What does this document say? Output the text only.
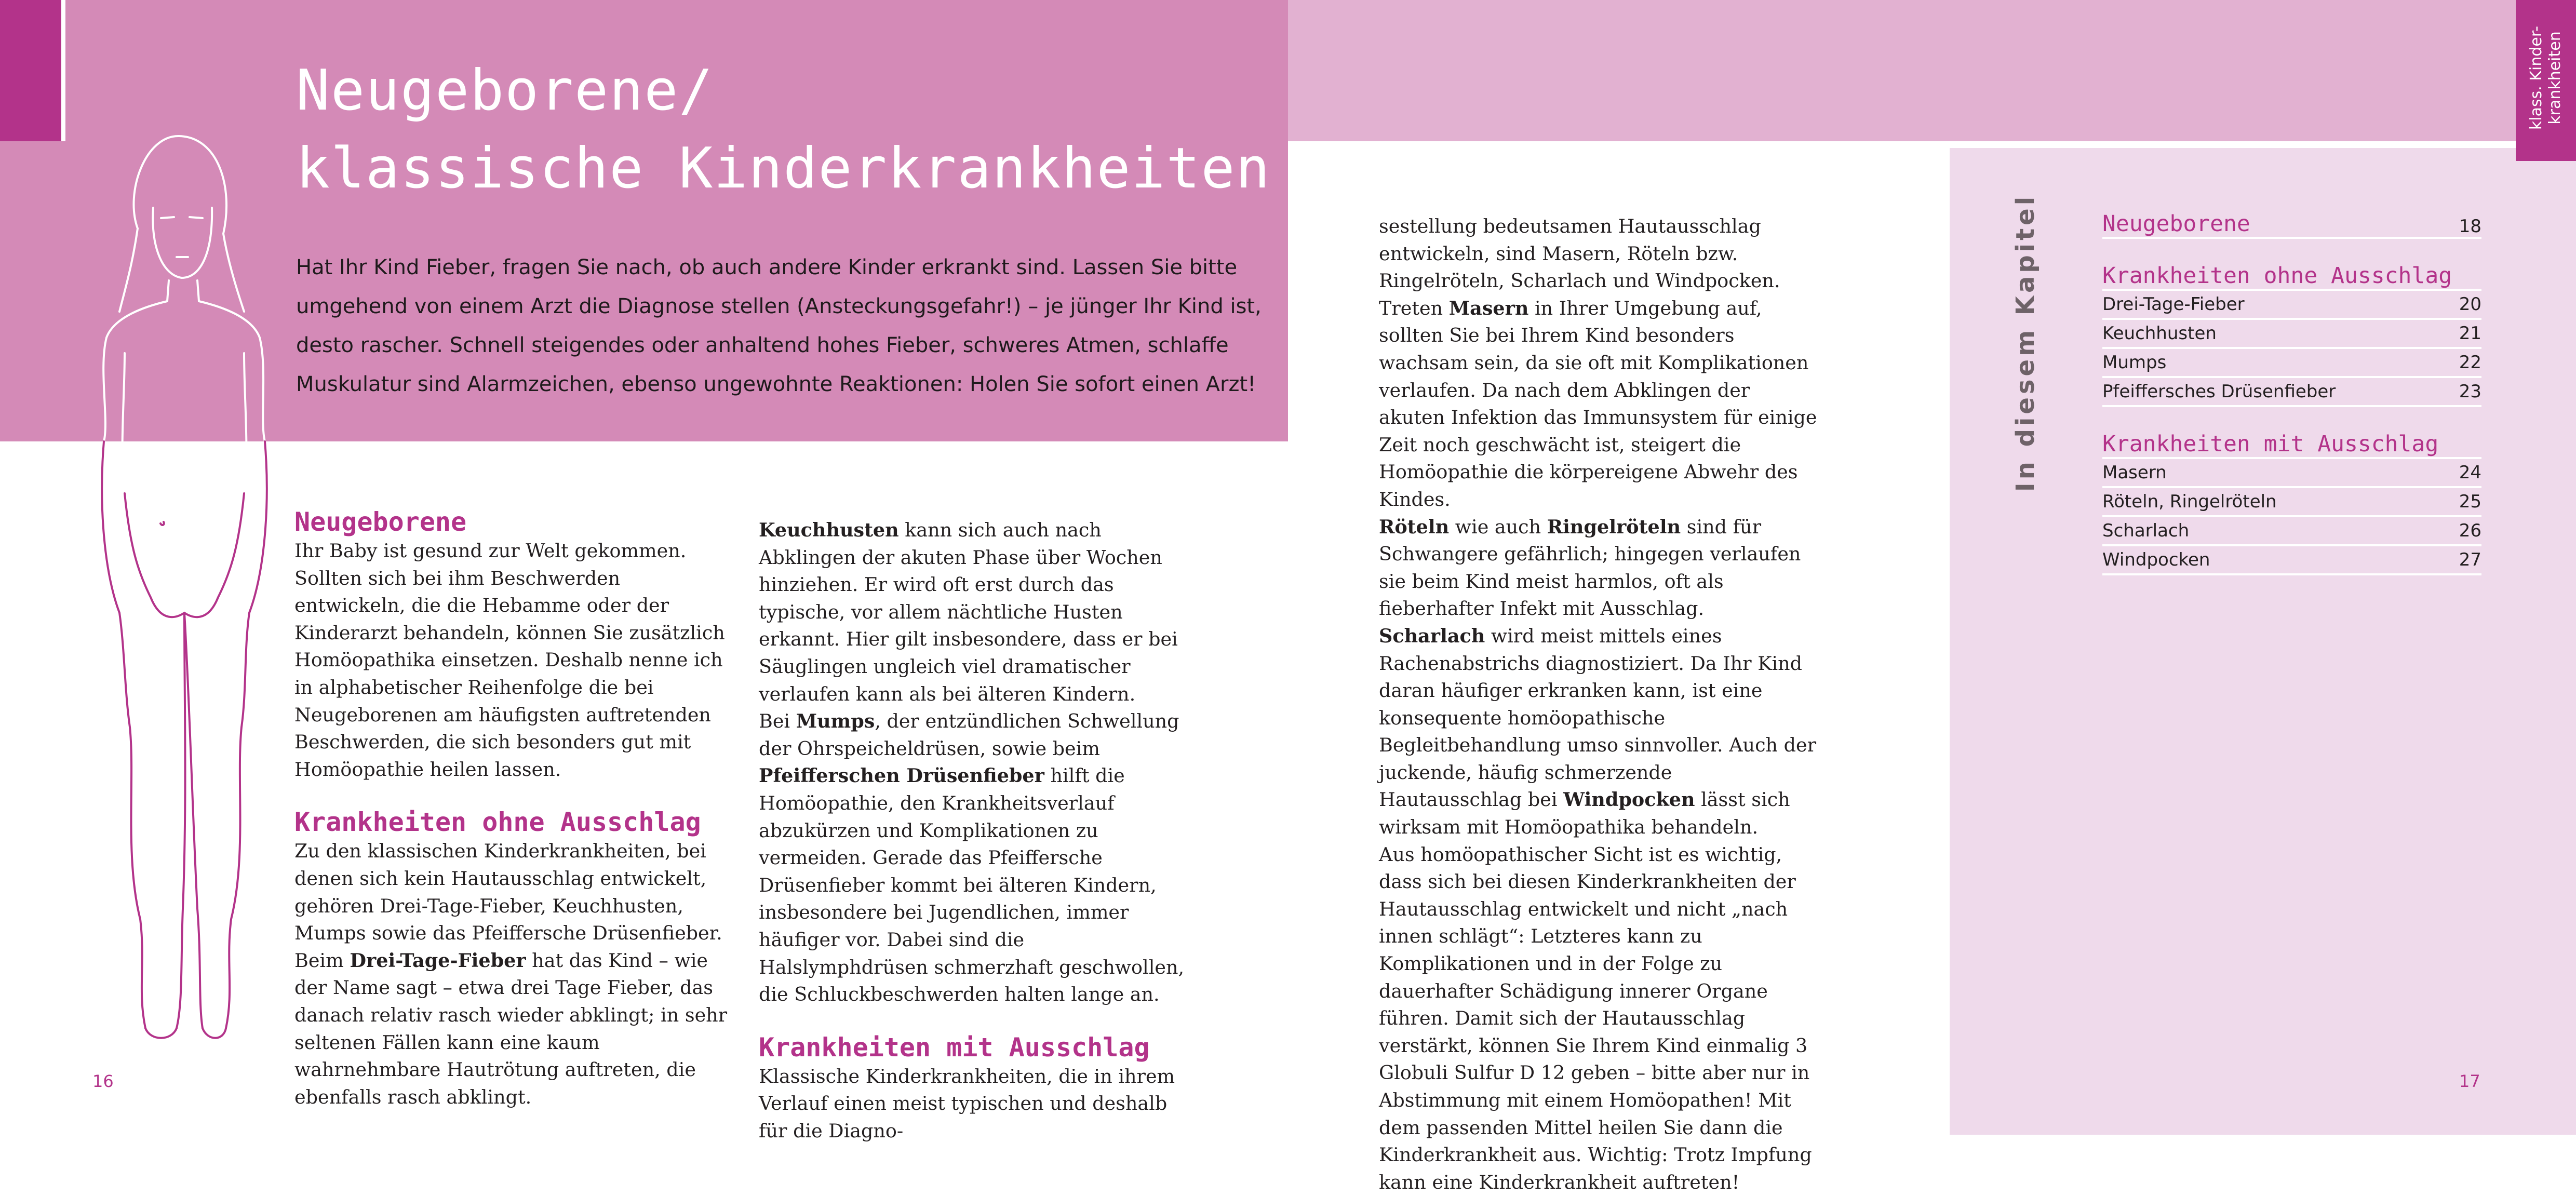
klass. Kinder-
krankheiten
Neugeborene/
klassische Kinderkrankheiten
Hat Ihr Kind Fieber, fragen Sie nach, ob auch andere Kinder erkrankt sind. Lassen Sie bitte umgehend von einem Arzt die Diagnose stellen (Ansteckungsgefahr!) – je jünger Ihr Kind ist, desto rascher. Schnell steigendes oder anhaltend hohes Fieber, schweres Atmen, schlaffe Muskulatur sind Alarmzeichen, ebenso ungewohnte Reaktionen: Holen Sie sofort einen Arzt!
Neugeborene

Ihr Baby ist gesund zur Welt gekommen. Sollten sich bei ihm Beschwerden entwickeln, die die Hebamme oder der Kinderarzt behandeln, können Sie zusätzlich Homöopathika einsetzen. Deshalb nenne ich in alphabetischer Reihenfolge die bei Neugeborenen am häufigsten auftretenden Beschwerden, die sich besonders gut mit Homöopathie heilen lassen.

Krankheiten ohne Ausschlag

Zu den klassischen Kinderkrankheiten, bei denen sich kein Hautausschlag entwickelt, gehören Drei-Tage-Fieber, Keuchhusten, Mumps sowie das Pfeiffersche Drüsenfieber.

Beim Drei-Tage-Fieber hat das Kind – wie der Name sagt – etwa drei Tage Fieber, das danach relativ rasch wieder abklingt; in sehr seltenen Fällen kann eine kaum wahrnehmbare Hautrötung auftreten, die ebenfalls rasch abklingt.

Keuchhusten kann sich auch nach Abklingen der akuten Phase über Wochen hinziehen. Er wird oft erst durch das typische, vor allem nächtliche Husten erkannt. Hier gilt insbesondere, dass er bei Säuglingen ungleich viel dramatischer verlaufen kann als bei älteren Kindern.

Bei Mumps, der entzündlichen Schwellung der Ohrspeicheldrüsen, sowie beim Pfeifferschen Drüsenfieber hilft die Homöopathie, den Krankheitsverlauf abzukürzen und Komplikationen zu vermeiden. Gerade das Pfeiffersche Drüsenfieber kommt bei älteren Kindern, insbesondere bei Jugendlichen, immer häufiger vor. Dabei sind die Halslymphdrüsen schmerzhaft geschwollen, die Schluckbeschwerden halten lange an.

Krankheiten mit Ausschlag

Klassische Kinderkrankheiten, die in ihrem Verlauf einen meist typischen und deshalb für die Diagno-

sestellung bedeutsamen Hautausschlag entwickeln, sind Masern, Röteln bzw. Ringelröteln, Scharlach und Windpocken.

Treten Masern in Ihrer Umgebung auf, sollten Sie bei Ihrem Kind besonders wachsam sein, da sie oft mit Komplikationen verlaufen. Da nach dem Abklingen der akuten Infektion das Immunsystem für einige Zeit noch geschwächt ist, steigert die Homöopathie die körpereigene Abwehr des Kindes.

Röteln wie auch Ringelröteln sind für Schwangere gefährlich; hingegen verlaufen sie beim Kind meist harmlos, oft als fieberhafter Infekt mit Ausschlag.

Scharlach wird meist mittels eines Rachenabstrichs diagnostiziert. Da Ihr Kind daran häufiger erkranken kann, ist eine konsequente homöopathische Begleitbehandlung umso sinnvoller. Auch der juckende, häufig schmerzende Hautausschlag bei Windpocken lässt sich wirksam mit Homöopathika behandeln.

Aus homöopathischer Sicht ist es wichtig, dass sich bei diesen Kinderkrankheiten der Hautausschlag entwickelt und nicht „nach innen schlägt“: Letzteres kann zu Komplikationen und in der Folge zu dauerhafter Schädigung innerer Organe führen. Damit sich der Hautausschlag verstärkt, können Sie Ihrem Kind einmalig 3 Globuli Sulfur D 12 geben – bitte aber nur in Abstimmung mit einem Homöopathen! Mit dem passenden Mittel heilen Sie dann die Kinderkrankheit aus. Wichtig: Trotz Impfung kann eine Kinderkrankheit auftreten!

In diesem Kapitel	Neugeborene	18
Krankheiten ohne Ausschlag
Drei-Tage-Fieber	20
Keuchhusten	21
Mumps	22
Pfeiffersches Drüsenfieber	23
Krankheiten mit Ausschlag
Masern	24
Röteln, Ringelröteln	25
Scharlach	26
Windpocken	27
16	17
